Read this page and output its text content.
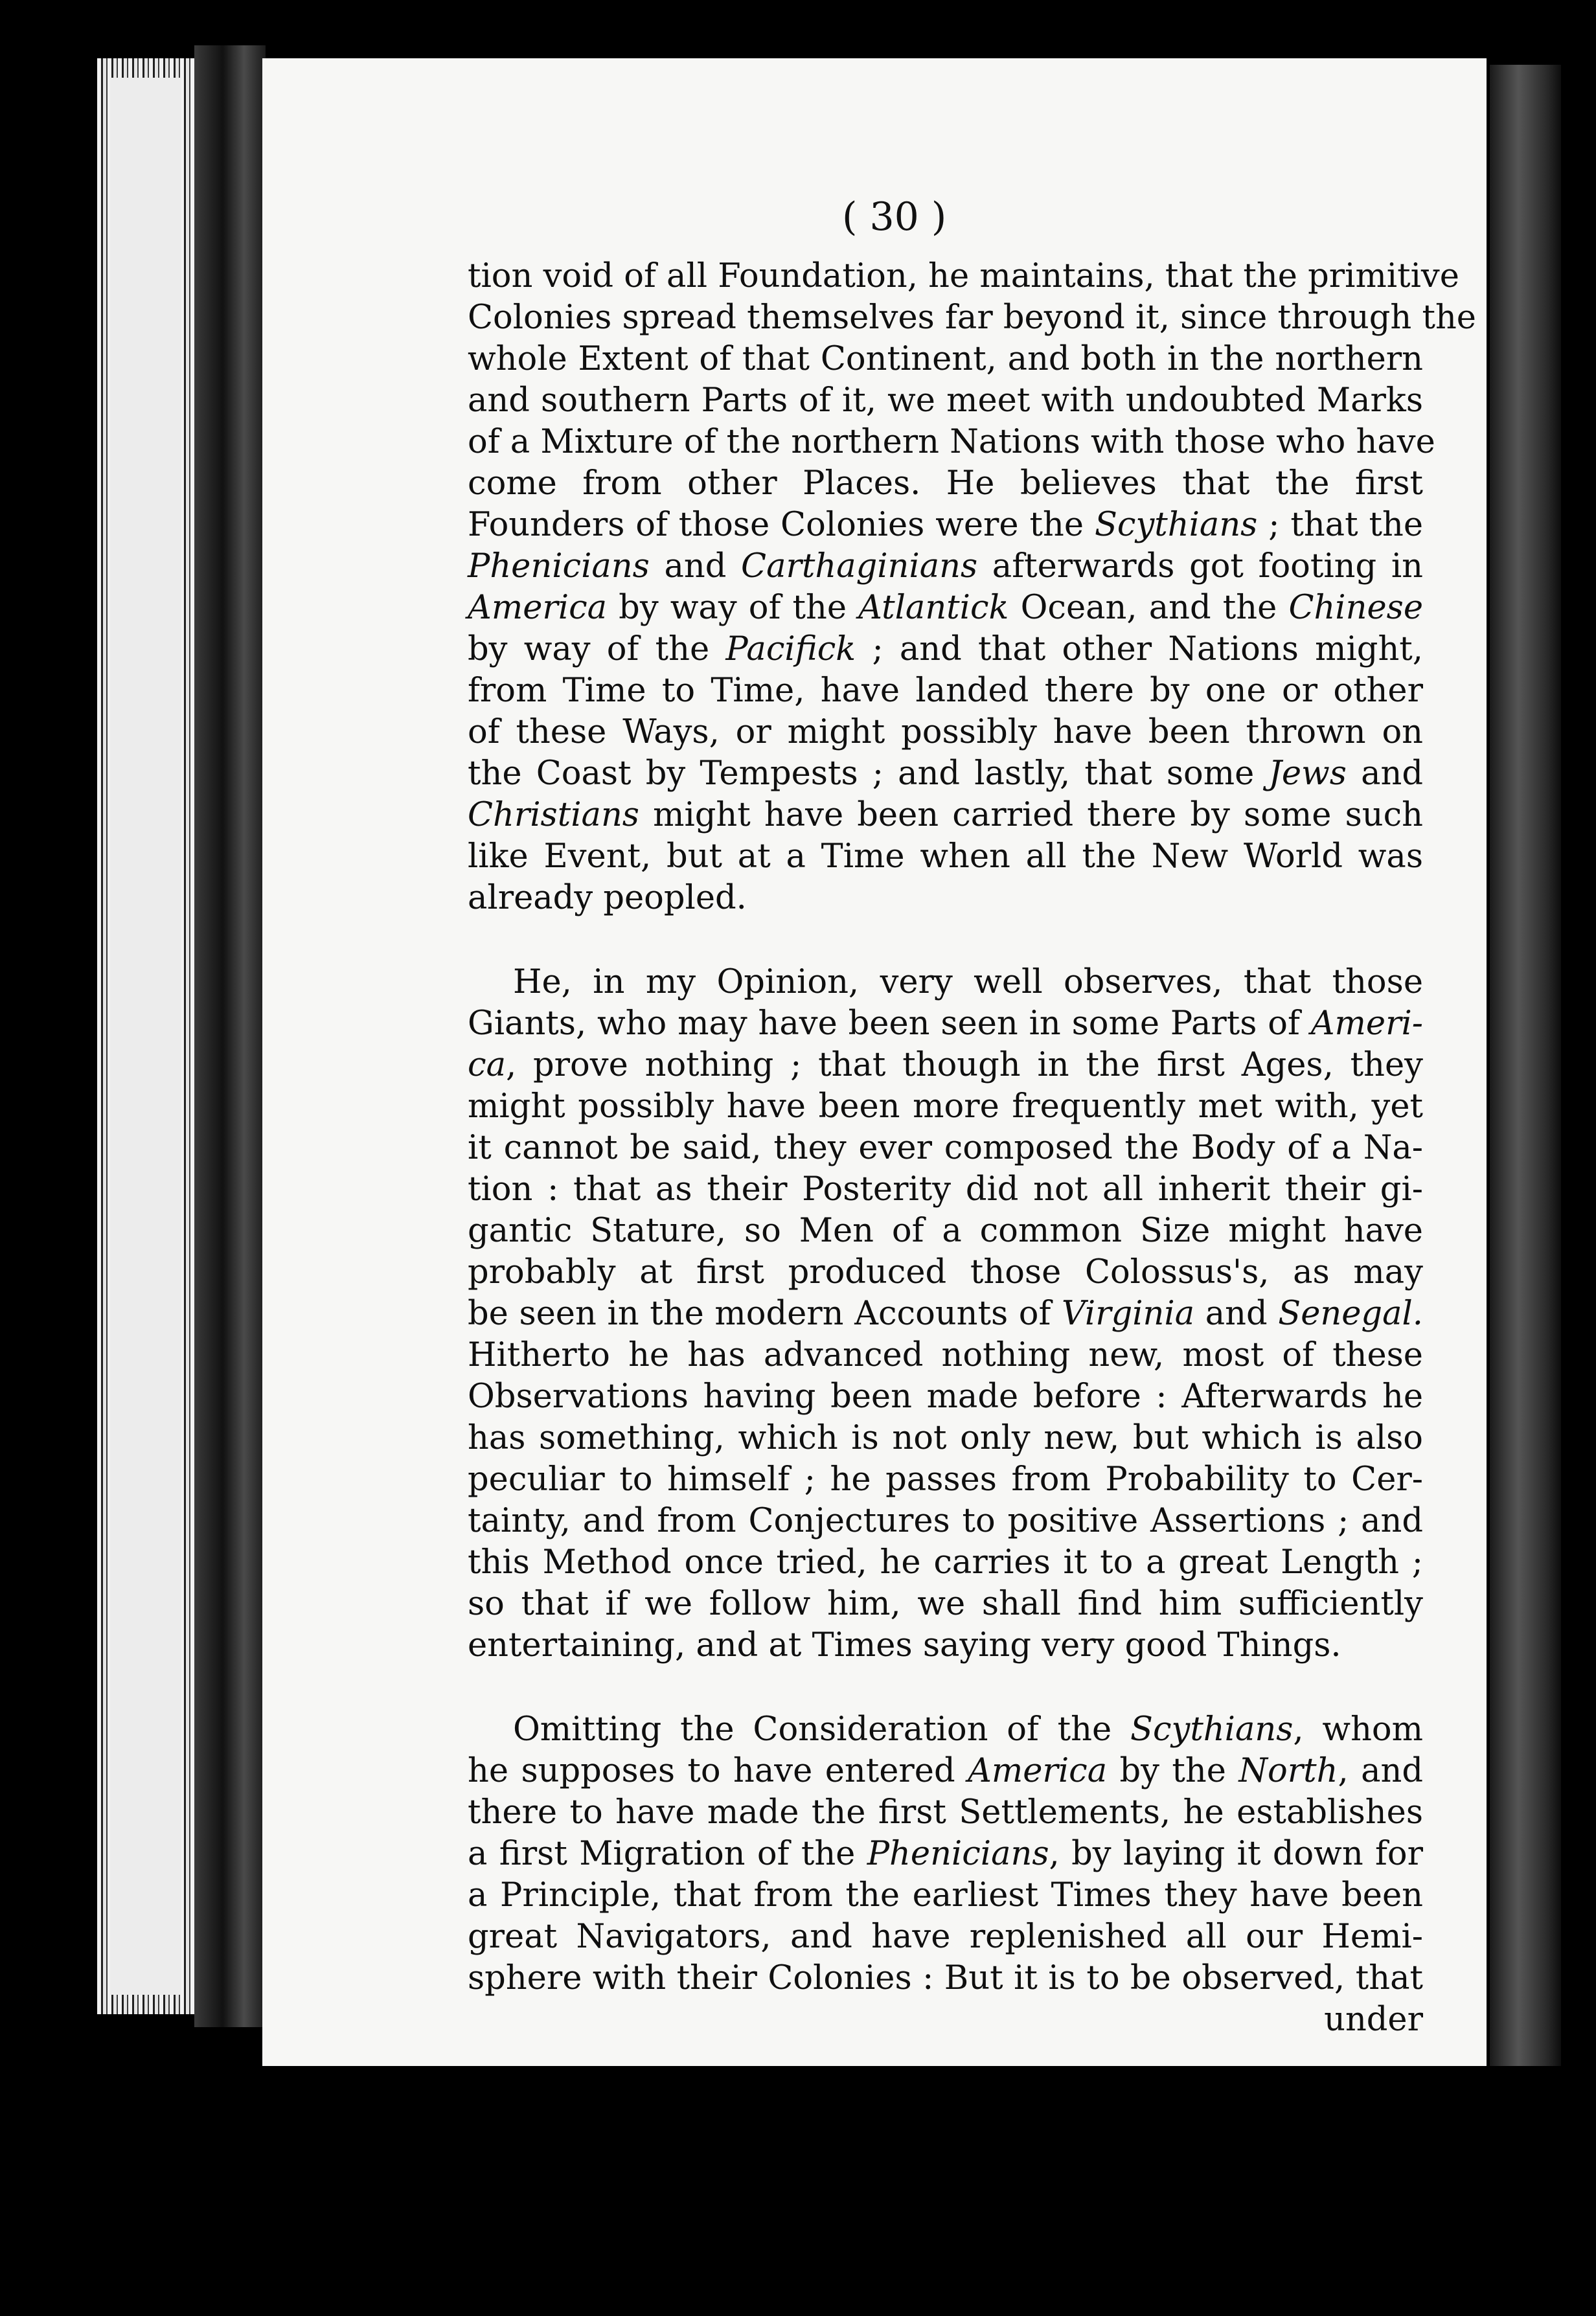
( 30 )
tion void of all Foundation, he maintains, that the primitive
Colonies spread themselves far beyond it, since through the
whole Extent of that Continent, and both in the northern
and southern Parts of it, we meet with undoubted Marks
of a Mixture of the northern Nations with those who have
come from other Places. He believes that the first
Founders of those Colonies were the Scythians ; that the
Phenicians and Carthaginians afterwards got footing in
America by way of the Atlantick Ocean, and the Chinese
by way of the Pacifick ; and that other Nations might,
from Time to Time, have landed there by one or other
of these Ways, or might possibly have been thrown on
the Coast by Tempests ; and lastly, that some Jews and
Christians might have been carried there by some such
like Event, but at a Time when all the New World was
already peopled.
He, in my Opinion, very well observes, that those
Giants, who may have been seen in some Parts of Ameri-
ca, prove nothing ; that though in the first Ages, they
might possibly have been more frequently met with, yet
it cannot be said, they ever composed the Body of a Na-
tion : that as their Posterity did not all inherit their gi-
gantic Stature, so Men of a common Size might have
probably at first produced those Colossus's, as may
be seen in the modern Accounts of Virginia and Senegal.
Hitherto he has advanced nothing new, most of these
Observations having been made before : Afterwards he
has something, which is not only new, but which is also
peculiar to himself ; he passes from Probability to Cer-
tainty, and from Conjectures to positive Assertions ; and
this Method once tried, he carries it to a great Length ;
so that if we follow him, we shall find him sufficiently
entertaining, and at Times saying very good Things.
Omitting the Consideration of the Scythians, whom
he supposes to have entered America by the North, and
there to have made the first Settlements, he establishes
a first Migration of the Phenicians, by laying it down for
a Principle, that from the earliest Times they have been
great Navigators, and have replenished all our Hemi-
sphere with their Colonies : But it is to be observed, that
under
